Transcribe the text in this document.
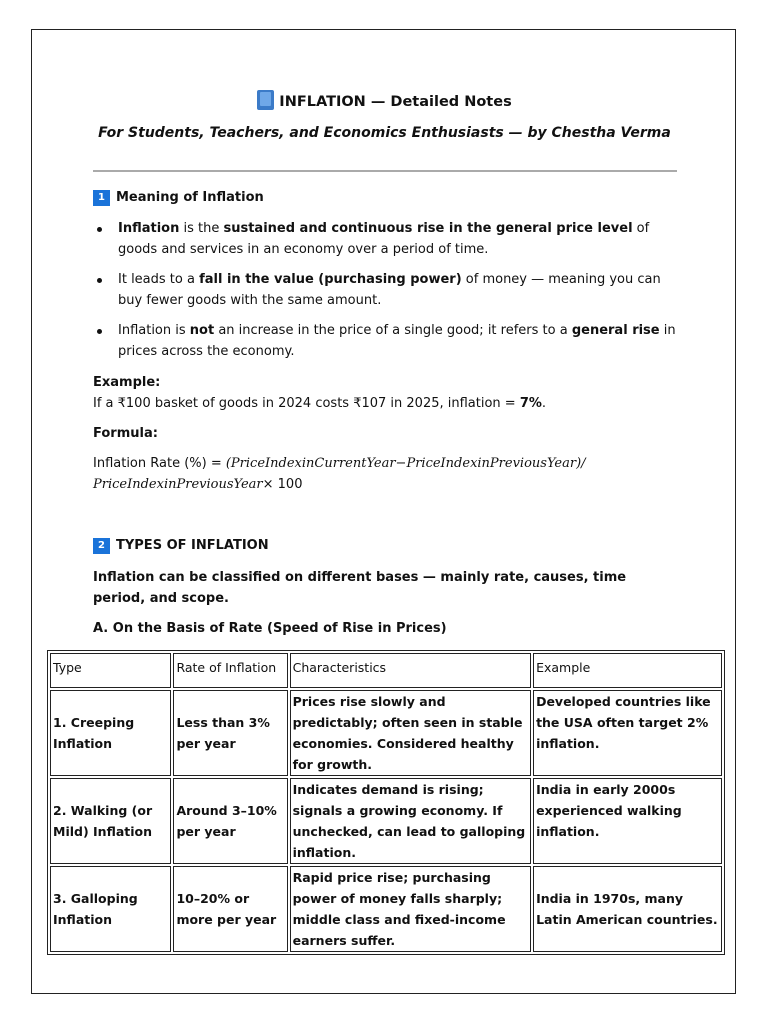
INFLATION — Detailed Notes
For Students, Teachers, and Economics Enthusiasts — by Chestha Verma
1 Meaning of Inflation
Inflation is the sustained and continuous rise in the general price level of goods and services in an economy over a period of time.
It leads to a fall in the value (purchasing power) of money — meaning you can buy fewer goods with the same amount.
Inflation is not an increase in the price of a single good; it refers to a general rise in prices across the economy.
Example:
If a ₹100 basket of goods in 2024 costs ₹107 in 2025, inflation = 7%.
Formula:
Inflation Rate (%) = (PriceIndexinCurrentYear−PriceIndexinPreviousYear)/
PriceIndexinPreviousYear× 100
2 TYPES OF INFLATION
Inflation can be classified on different bases — mainly rate, causes, time period, and scope.
A. On the Basis of Rate (Speed of Rise in Prices)
Type	Rate of Inflation	Characteristics	Example
1. Creeping Inflation	Less than 3% per year	Prices rise slowly and predictably; often seen in stable economies. Considered healthy for growth.	Developed countries like the USA often target 2% inflation.
2. Walking (or Mild) Inflation	Around 3–10% per year	Indicates demand is rising; signals a growing economy. If unchecked, can lead to galloping inflation.	India in early 2000s experienced walking inflation.
3. Galloping Inflation	10–20% or more per year	Rapid price rise; purchasing power of money falls sharply; middle class and fixed-income earners suffer.	India in 1970s, many Latin American countries.
